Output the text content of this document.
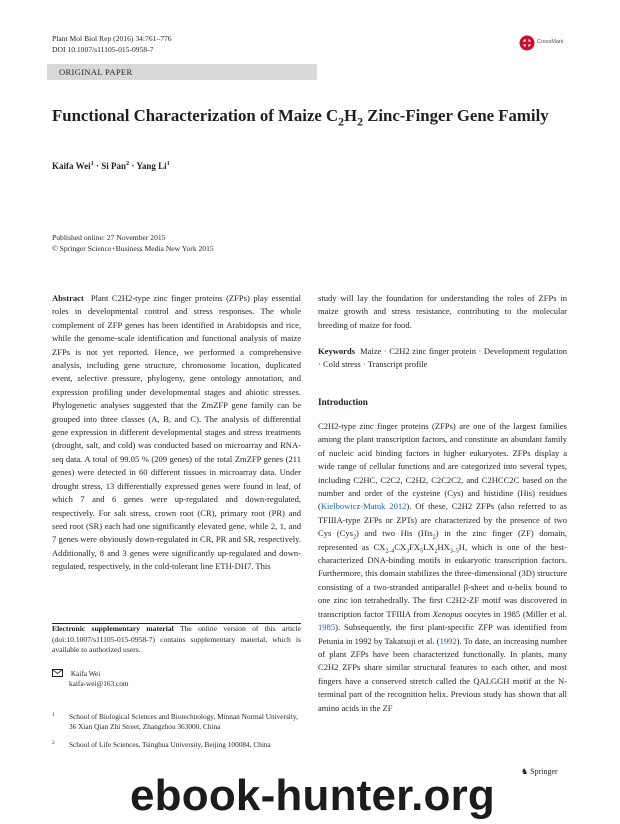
Plant Mol Biol Rep (2016) 34:761–776
DOI 10.1007/s11105-015-0958-7
CrossMark
ORIGINAL PAPER
Functional Characterization of Maize $C_2H_2$ Zinc-Finger Gene Family
Kaifa Wei$^1$ · Si Pan$^2$ · Yang Li$^1$
Published online: 27 November 2015
© Springer Science+Business Media New York 2015

Abstract Plant C2H2-type zinc finger proteins (ZFPs) play essential roles in developmental control and stress responses. The whole complement of ZFP genes has been identified in Arabidopsis and rice, while the genome-scale identification and functional analysis of maize ZFPs is not yet reported. Hence, we performed a comprehensive analysis, including gene structure, chromosome location, duplicated event, selective pressure, phylogeny, gene ontology annotation, and expression profiling under developmental stages and abiotic stresses. Phylogenetic analyses suggested that the ZmZFP gene family can be grouped into three classes (A, B, and C). The analysis of differential gene expression in different developmental stages and stress treatments (drought, salt, and cold) was conducted based on microarray and RNA-seq data. A total of 99.05 % (209 genes) of the total ZmZFP genes (211 genes) were detected in 60 different tissues in microarray data. Under drought stress, 13 differentially expressed genes were found in leaf, of which 7 and 6 genes were up-regulated and down-regulated, respectively. For salt stress, crown root (CR), primary root (PR) and seed root (SR) each had one significantly elevated gene, while 2, 1, and 7 genes were obviously down-regulated in CR, PR and SR, respectively. Additionally, 8 and 3 genes were significantly up-regulated and down-regulated, respectively, in the cold-tolerant line ETH-DH7. This

Electronic supplementary material The online version of this article (doi:10.1007/s11105-015-0958-7) contains supplementary material, which is available to authorized users.
Kaifa Wei
kaifa-wei@163.com
1 School of Biological Sciences and Biotechnology, Minnan Normal University, 36 Xian Qian Zhi Street, Zhangzhou 363000, China
2 School of Life Sciences, Tsinghua University, Beijing 100084, China

study will lay the foundation for understanding the roles of ZFPs in maize growth and stress resistance, contributing to the molecular breeding of maize for food.

Keywords Maize · C2H2 zinc finger protein · Development regulation · Cold stress · Transcript profile

Introduction

C2H2-type zinc finger proteins (ZFPs) are one of the largest families among the plant transcription factors, and constitute an abundant family of nucleic acid binding factors in higher eukaryotes. ZFPs display a wide range of cellular functions and are categorized into several types, including C2HC, C2C2, C2H2, C2C2C2, and C2HCC2C based on the number and order of the cysteine (Cys) and histidine (His) residues (Kielbowicz-Matuk 2012). Of these, C2H2 ZFPs (also referred to as TFIIIA-type ZFPs or ZPTs) are characterized by the presence of two Cys (Cys$_2$) and two His (His$_2$) in the zinc finger (ZF) domain, represented as $CX_{2-4}CX_3FX_5LX_2HX_{3-5}H$, which is one of the best-characterized DNA-binding motifs in eukaryotic transcription factors. Furthermore, this domain stabilizes the three-dimensional (3D) structure consisting of a two-stranded antiparallel β-sheet and α-helix bound to one zinc ion tetrahedrally. The first C2H2-ZF motif was discovered in transcription factor TFIIIA from Xenopus oocytes in 1985 (Miller et al. 1985). Subsequently, the first plant-specific ZFP was identified from Petunia in 1992 by Takatsuji et al. (1992). To date, an increasing number of plant ZFPs have been characterized functionally. In plants, many C2H2 ZFPs share similar structural features to each other, and most fingers have a conserved stretch called the QALGGH motif at the N-terminal part of the recognition helix. Previous study has shown that all amino acids in the ZF

♞ Springer
ebook-hunter.org
